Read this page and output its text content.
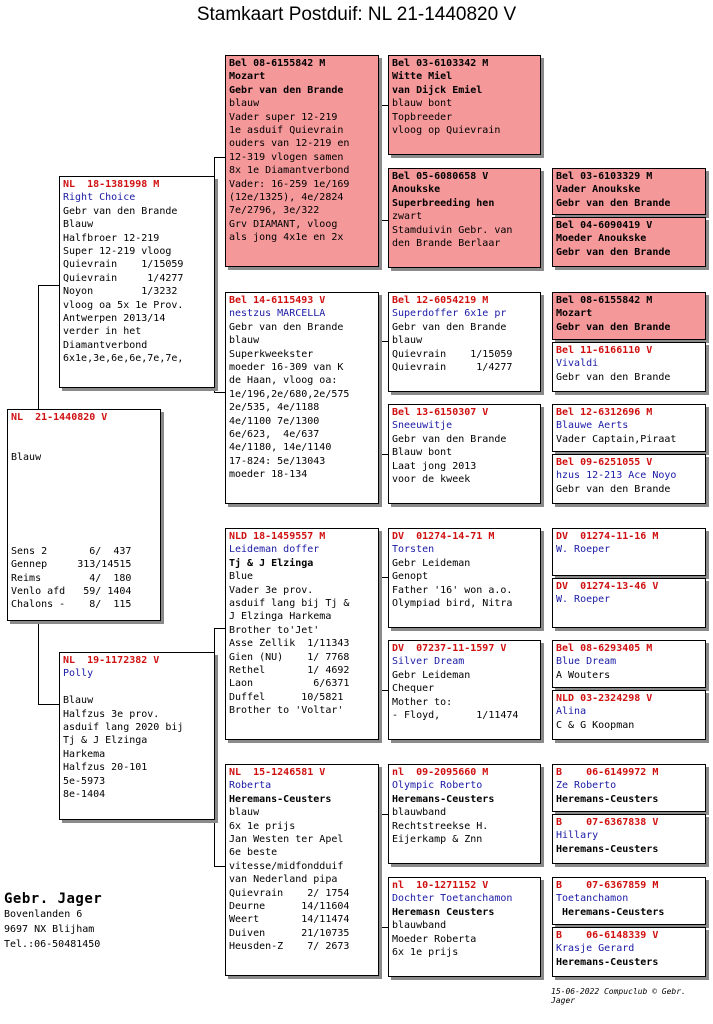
Stamkaart Postduif: NL 21-1440820 V
NL  21-1440820 V
Blauw
Sens 2       6/  437
Gennep     313/14515
Reims        4/  180
Venlo afd   59/ 1404
Chalons -    8/  115
NL  18-1381998 M
Right Choice
Gebr van den Brande
Blauw
Halfbroer 12-219
Super 12-219 vloog
Quievrain    1/15059
Quievrain     1/4277
Noyon        1/3232
vloog oa 5x 1e Prov.
Antwerpen 2013/14
verder in het
Diamantverbond
6x1e,3e,6e,6e,7e,7e,
NL  19-1172382 V
Polly
Blauw
Halfzus 3e prov.
asduif lang 2020 bij
Tj & J Elzinga
Harkema
Halfzus 20-101
5e-5973
8e-1404
Bel 08-6155842 M
Mozart
Gebr van den Brande
blauw
Vader super 12-219
1e asduif Quievrain
ouders van 12-219 en
12-319 vlogen samen
8x 1e Diamantverbond
Vader: 16-259 1e/169
(12e/1325), 4e/2824
7e/2796, 3e/322
Grv DIAMANT, vloog
als jong 4x1e en 2x
Bel 14-6115493 V
nestzus MARCELLA
Gebr van den Brande
blauw
Superkweekster
moeder 16-309 van K
de Haan, vloog oa:
1e/196,2e/680,2e/575
2e/535, 4e/1188
4e/1100 7e/1300
6e/623,  4e/637
4e/1180, 14e/1140
17-824: 5e/13043
moeder 18-134
NLD 18-1459557 M
Leideman doffer
Tj & J Elzinga
Blue
Vader 3e prov.
asduif lang bij Tj &
J Elzinga Harkema
Brother to'Jet'
Asse Zellik  1/11343
Gien (NU)    1/ 7768
Rethel       1/ 4692
Laon          6/6371
Duffel      10/5821
Brother to 'Voltar'
NL  15-1246581 V
Roberta
Heremans-Ceusters
blauw
6x 1e prijs
Jan Westen ter Apel
6e beste
vitesse/midfondduif
van Nederland pipa
Quievrain    2/ 1754
Deurne      14/11604
Weert       14/11474
Duiven      21/10735
Heusden-Z    7/ 2673
Bel 03-6103342 M
Witte Miel
van Dijck Emiel
blauw bont
Topbreeder
vloog op Quievrain
Bel 05-6080658 V
Anoukske
Superbreeding hen
zwart
Stamduivin Gebr. van
den Brande Berlaar
Bel 12-6054219 M
Superdoffer 6x1e pr
Gebr van den Brande
blauw
Quievrain    1/15059
Quievrain     1/4277
Bel 13-6150307 V
Sneeuwitje
Gebr van den Brande
Blauw bont
Laat jong 2013
voor de kweek
DV  01274-14-71 M
Torsten
Gebr Leideman
Genopt
Father '16' won a.o.
Olympiad bird, Nitra
DV  07237-11-1597 V
Silver Dream
Gebr Leideman
Chequer
Mother to:
- Floyd,      1/11474
nl  09-2095660 M
Olympic Roberto
Heremans-Ceusters
blauwband
Rechtstreekse H.
Eijerkamp & Znn
nl  10-1271152 V
Dochter Toetanchamon
Heremasn Ceusters
blauwband
Moeder Roberta
6x 1e prijs
Bel 03-6103329 M
Vader Anoukske
Gebr van den Brande
Bel 04-6090419 V
Moeder Anoukske
Gebr van den Brande
Bel 08-6155842 M
Mozart
Gebr van den Brande
Bel 11-6166110 V
Vivaldi
Gebr van den Brande
Bel 12-6312696 M
Blauwe Aerts
Vader Captain,Piraat
Bel 09-6251055 V
hzus 12-213 Ace Noyo
Gebr van den Brande
DV  01274-11-16 M
W. Roeper
DV  01274-13-46 V
W. Roeper
Bel 08-6293405 M
Blue Dream
A Wouters
NLD 03-2324298 V
Alina
C & G Koopman
B    06-6149972 M
Ze Roberto
Heremans-Ceusters
B    07-6367838 V
Hillary
Heremans-Ceusters
B    07-6367859 M
Toetanchamon
Heremans-Ceusters
B    06-6148339 V
Krasje Gerard
Heremans-Ceusters
Gebr. Jager
Bovenlanden 6
9697 NX Blijham
Tel.:06-50481450
15-06-2022 Compuclub © Gebr. Jager
